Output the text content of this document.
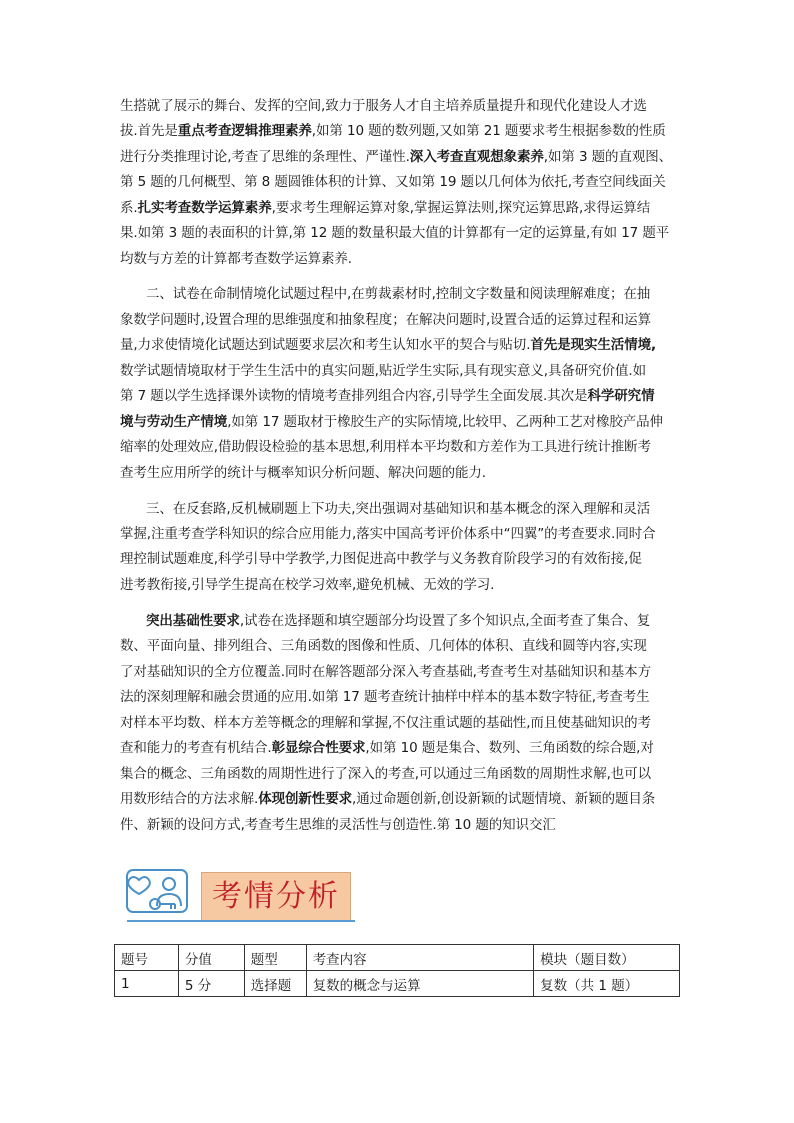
生搭就了展示的舞台、发挥的空间,致力于服务人才自主培养质量提升和现代化建设人才选
拔.首先是重点考查逻辑推理素养,如第 10 题的数列题,又如第 21 题要求考生根据参数的性质
进行分类推理讨论,考查了思维的条理性、严谨性.深入考查直观想象素养,如第 3 题的直观图、
第 5 题的几何概型、第 8 题圆锥体积的计算、又如第 19 题以几何体为依托,考查空间线面关
系.扎实考查数学运算素养,要求考生理解运算对象,掌握运算法则,探究运算思路,求得运算结
果.如第 3 题的表面积的计算,第 12 题的数量积最大值的计算都有一定的运算量,有如 17 题平
均数与方差的计算都考查数学运算素养.
二、试卷在命制情境化试题过程中,在剪裁素材时,控制文字数量和阅读理解难度；在抽
象数学问题时,设置合理的思维强度和抽象程度；在解决问题时,设置合适的运算过程和运算
量,力求使情境化试题达到试题要求层次和考生认知水平的契合与贴切.首先是现实生活情境,
数学试题情境取材于学生生活中的真实问题,贴近学生实际,具有现实意义,具备研究价值.如
第 7 题以学生选择课外读物的情境考查排列组合内容,引导学生全面发展.其次是科学研究情
境与劳动生产情境,如第 17 题取材于橡胶生产的实际情境,比较甲、乙两种工艺对橡胶产品伸
缩率的处理效应,借助假设检验的基本思想,利用样本平均数和方差作为工具进行统计推断考
查考生应用所学的统计与概率知识分析问题、解决问题的能力.
三、在反套路,反机械刷题上下功夫,突出强调对基础知识和基本概念的深入理解和灵活
掌握,注重考查学科知识的综合应用能力,落实中国高考评价体系中“四翼”的考查要求.同时合
理控制试题难度,科学引导中学教学,力图促进高中教学与义务教育阶段学习的有效衔接,促
进考教衔接,引导学生提高在校学习效率,避免机械、无效的学习.
突出基础性要求,试卷在选择题和填空题部分均设置了多个知识点,全面考查了集合、复
数、平面向量、排列组合、三角函数的图像和性质、几何体的体积、直线和圆等内容,实现
了对基础知识的全方位覆盖.同时在解答题部分深入考查基础,考查考生对基础知识和基本方
法的深刻理解和融会贯通的应用.如第 17 题考查统计抽样中样本的基本数字特征,考查考生
对样本平均数、样本方差等概念的理解和掌握,不仅注重试题的基础性,而且使基础知识的考
查和能力的考查有机结合.彰显综合性要求,如第 10 题是集合、数列、三角函数的综合题,对
集合的概念、三角函数的周期性进行了深入的考查,可以通过三角函数的周期性求解,也可以
用数形结合的方法求解.体现创新性要求,通过命题创新,创设新颖的试题情境、新颖的题目条
件、新颖的设问方式,考查考生思维的灵活性与创造性.第 10 题的知识交汇
考情分析
题号	分值	题型	考查内容	模块（题目数）
1	5 分	选择题	复数的概念与运算	复数（共 1 题）
